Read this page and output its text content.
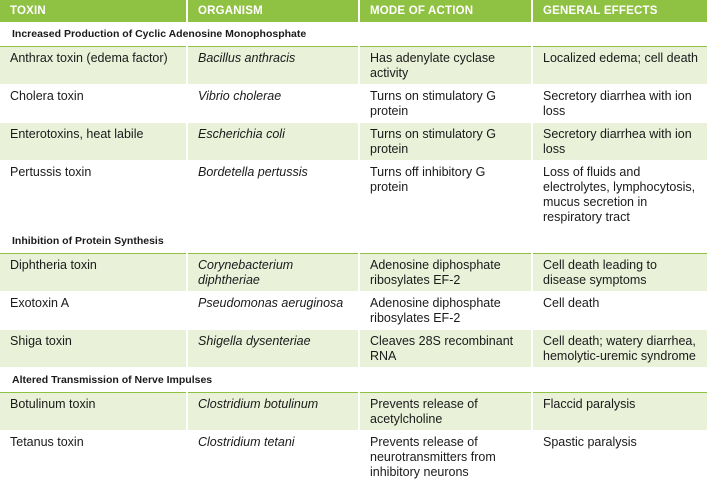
TOXIN	ORGANISM	MODE OF ACTION	GENERAL EFFECTS
Increased Production of Cyclic Adenosine Monophosphate			
Anthrax toxin (edema factor)	Bacillus anthracis	Has adenylate cyclase activity	Localized edema; cell death
Cholera toxin	Vibrio cholerae	Turns on stimulatory G protein	Secretory diarrhea with ion loss
Enterotoxins, heat labile	Escherichia coli	Turns on stimulatory G protein	Secretory diarrhea with ion loss
Pertussis toxin	Bordetella pertussis	Turns off inhibitory G protein	Loss of fluids and electrolytes, lymphocytosis, mucus secretion in respiratory tract
Inhibition of Protein Synthesis			
Diphtheria toxin	Corynebacterium diphtheriae	Adenosine diphosphate ribosylates EF-2	Cell death leading to disease symptoms
Exotoxin A	Pseudomonas aeruginosa	Adenosine diphosphate ribosylates EF-2	Cell death
Shiga toxin	Shigella dysenteriae	Cleaves 28S recombinant RNA	Cell death; watery diarrhea, hemolytic-uremic syndrome
Altered Transmission of Nerve Impulses			
Botulinum toxin	Clostridium botulinum	Prevents release of acetylcholine	Flaccid paralysis
Tetanus toxin	Clostridium tetani	Prevents release of neurotransmitters from inhibitory neurons	Spastic paralysis
